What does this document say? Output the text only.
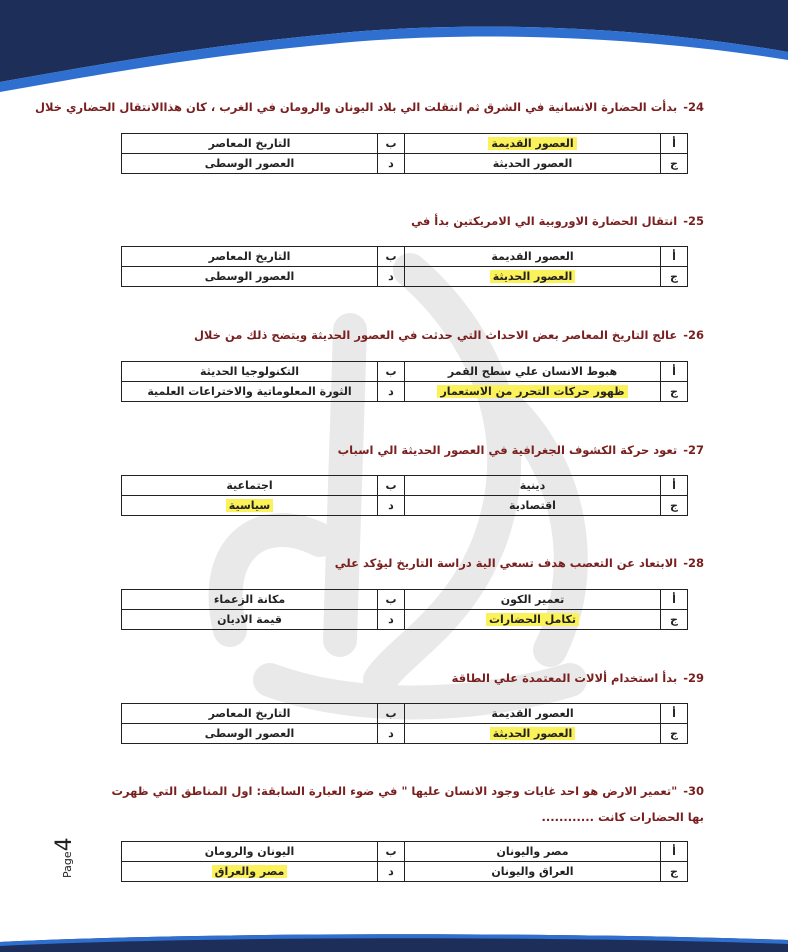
24-بدأت الحضارة الانسانية في الشرق ثم انتقلت الي بلاد اليونان والرومان في الغرب ، كان هذاالانتقال الحضاري خلال
أ	العصور القديمة	ب	التاريخ المعاصر
ج	العصور الحديثة	د	العصور الوسطى
25-انتقال الحضارة الاوروبية الي الامريكتين بدأ في
أ	العصور القديمة	ب	التاريخ المعاصر
ج	العصور الحديثة	د	العصور الوسطى
26-عالج التاريخ المعاصر بعض الاحداث التي حدثت في العصور الحديثة ويتضح ذلك من خلال
أ	هبوط الانسان علي سطح القمر	ب	التكنولوجيا الحديثة
ج	ظهور حركات التحرر من الاستعمار	د	الثورة المعلوماتية والاختراعات العلمية
27-تعود حركة الكشوف الجغرافية في العصور الحديثة الي اسباب
أ	دينية	ب	اجتماعية
ج	اقتصادية	د	سياسية
28-الابتعاد عن التعصب هدف تسعي الية دراسة التاريخ ليؤكد علي
أ	تعمير الكون	ب	مكانة الزعماء
ج	تكامل الحضارات	د	قيمة الاديان
29-بدأ استخدام ألالات المعتمدة علي الطاقة
أ	العصور القديمة	ب	التاريخ المعاصر
ج	العصور الحديثة	د	العصور الوسطى
30-"تعمير الارض هو احد غايات وجود الانسان عليها " في ضوء العبارة السابقة: اول المناطق التي ظهرت بها الحضارات كانت ............
أ	مصر واليونان	ب	اليونان والرومان
ج	العراق واليونان	د	مصر والعراق
Page4
